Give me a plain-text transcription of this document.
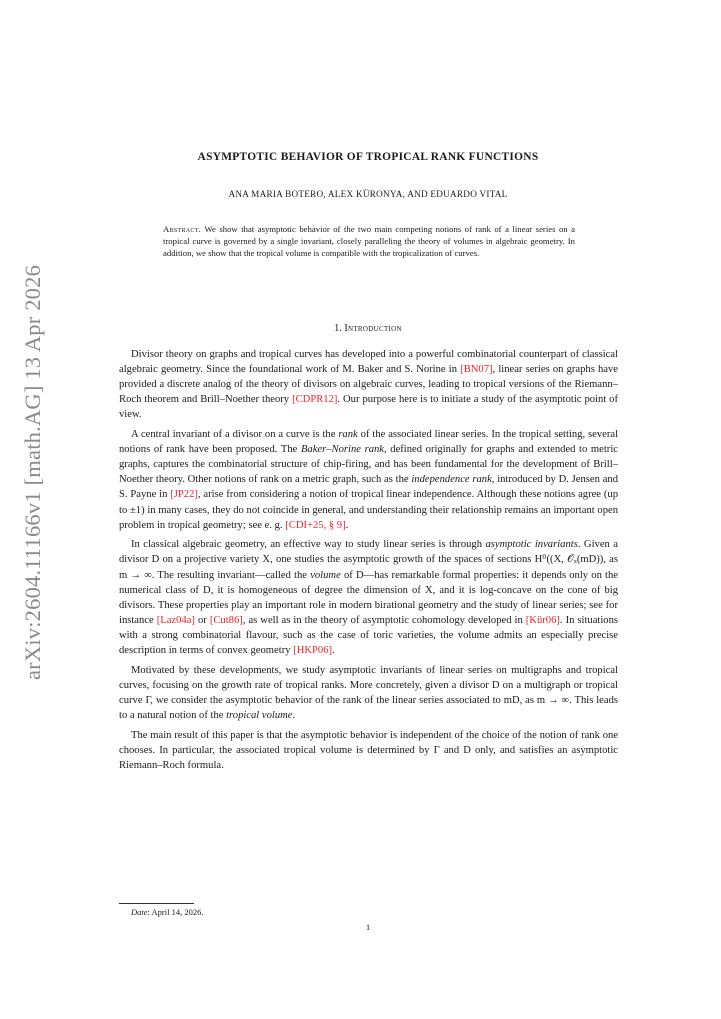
arXiv:2604.11166v1 [math.AG] 13 Apr 2026
ASYMPTOTIC BEHAVIOR OF TROPICAL RANK FUNCTIONS
ANA MARIA BOTERO, ALEX KÜRONYA, AND EDUARDO VITAL
Abstract. We show that asymptotic behavior of the two main competing notions of rank of a linear series on a tropical curve is governed by a single invariant, closely paralleling the theory of volumes in algebraic geometry. In addition, we show that the tropical volume is compatible with the tropicalization of curves.
1. Introduction

Divisor theory on graphs and tropical curves has developed into a powerful combinatorial counterpart of classical algebraic geometry. Since the foundational work of M. Baker and S. Norine in [BN07], linear series on graphs have provided a discrete analog of the theory of divisors on algebraic curves, leading to tropical versions of the Riemann–Roch theorem and Brill–Noether theory [CDPR12]. Our purpose here is to initiate a study of the asymptotic point of view.

A central invariant of a divisor on a curve is the rank of the associated linear series. In the tropical setting, several notions of rank have been proposed. The Baker–Norine rank, defined originally for graphs and extended to metric graphs, captures the combinatorial structure of chip-firing, and has been fundamental for the development of Brill–Noether theory. Other notions of rank on a metric graph, such as the independence rank, introduced by D. Jensen and S. Payne in [JP22], arise from considering a notion of tropical linear independence. Although these notions agree (up to ±1) in many cases, they do not coincide in general, and understanding their relationship remains an important open problem in tropical geometry; see e. g. [CDI+25, § 9].

In classical algebraic geometry, an effective way to study linear series is through asymptotic invariants. Given a divisor D on a projective variety X, one studies the asymptotic growth of the spaces of sections H⁰((X, 𝒪ₓ(mD)), as m → ∞. The resulting invariant—called the volume of D—has remarkable formal properties: it depends only on the numerical class of D, it is homogeneous of degree the dimension of X, and it is log-concave on the cone of big divisors. These properties play an important role in modern birational geometry and the study of linear series; see for instance [Laz04a] or [Cut86], as well as in the theory of asymptotic cohomology developed in [Kür06]. In situations with a strong combinatorial flavour, such as the case of toric varieties, the volume admits an especially precise description in terms of convex geometry [HKP06].

Motivated by these developments, we study asymptotic invariants of linear series on multigraphs and tropical curves, focusing on the growth rate of tropical ranks. More concretely, given a divisor D on a multigraph or tropical curve Γ, we consider the asymptotic behavior of the rank of the linear series associated to mD, as m → ∞. This leads to a natural notion of the tropical volume.

The main result of this paper is that the asymptotic behavior is independent of the choice of the notion of rank one chooses. In particular, the associated tropical volume is determined by Γ and D only, and satisfies an asymptotic Riemann–Roch formula.

Date: April 14, 2026.
1
